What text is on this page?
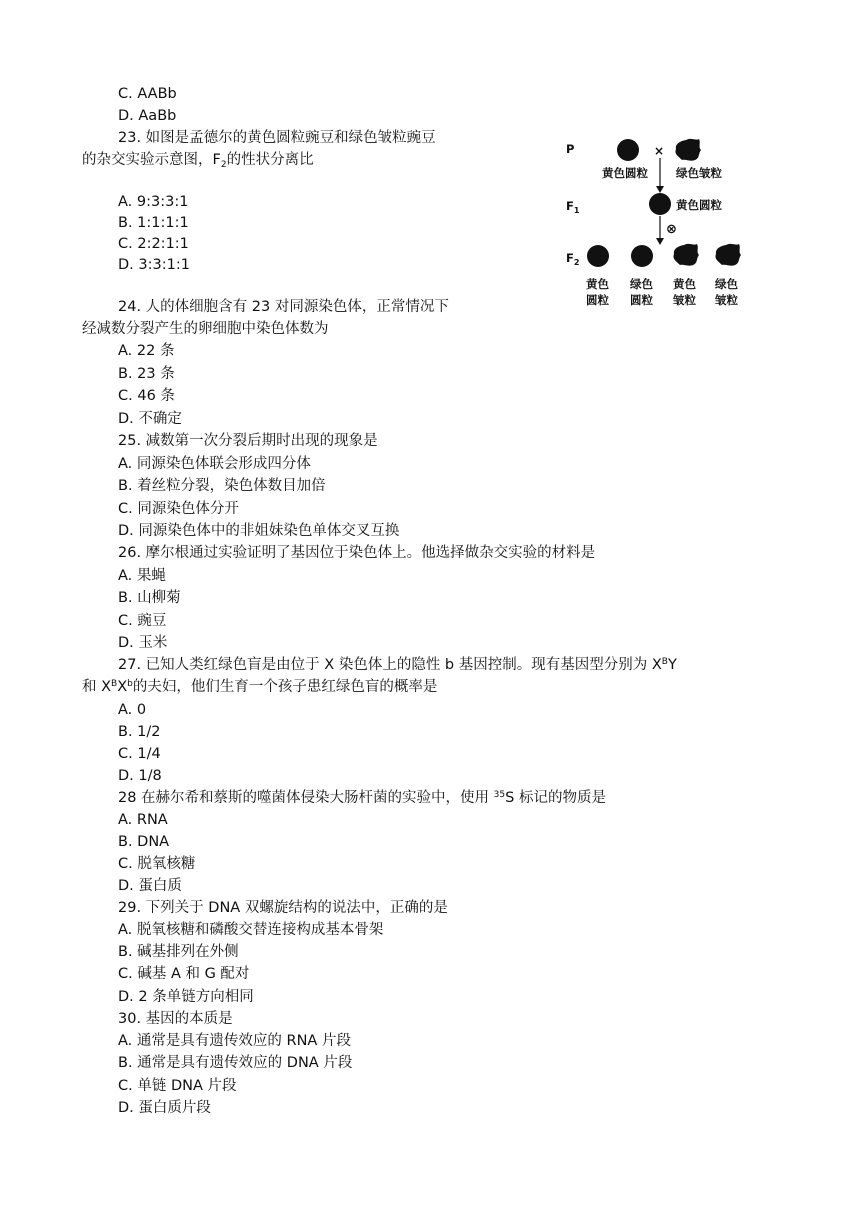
C. AABb
D. AaBb
23. 如图是孟德尔的黄色圆粒豌豆和绿色皱粒豌豆
的杂交实验示意图，$F_2$的性状分离比
A. 9:3:3:1
B. 1:1:1:1
C. 2:2:1:1
D. 3:3:1:1
P	×
黄色圆粒 绿色皱粒
$F_1$	黄色圆粒
⊗
$F_2$
黄色
圆粒
绿色
圆粒
黄色
皱粒
绿色
皱粒
24. 人的体细胞含有 23 对同源染色体，正常情况下
经减数分裂产生的卵细胞中染色体数为
A. 22 条
B. 23 条
C. 46 条
D. 不确定
25. 减数第一次分裂后期时出现的现象是
A. 同源染色体联会形成四分体
B. 着丝粒分裂，染色体数目加倍
C. 同源染色体分开
D. 同源染色体中的非姐妹染色单体交叉互换
26. 摩尔根通过实验证明了基因位于染色体上。他选择做杂交实验的材料是
A. 果蝇
B. 山柳菊
C. 豌豆
D. 玉米
27. 已知人类红绿色盲是由位于 X 染色体上的隐性 b 基因控制。现有基因型分别为 $X^BY$
和 $X^BX^b$的夫妇，他们生育一个孩子患红绿色盲的概率是
A. 0
B. 1/2
C. 1/4
D. 1/8
28 在赫尔希和蔡斯的噬菌体侵染大肠杆菌的实验中，使用 $^{35}$S 标记的物质是
A. RNA
B. DNA
C. 脱氧核糖
D. 蛋白质
29. 下列关于 DNA 双螺旋结构的说法中，正确的是
A. 脱氧核糖和磷酸交替连接构成基本骨架
B. 碱基排列在外侧
C. 碱基 A 和 G 配对
D. 2 条单链方向相同
30. 基因的本质是
A. 通常是具有遗传效应的 RNA 片段
B. 通常是具有遗传效应的 DNA 片段
C. 单链 DNA 片段
D. 蛋白质片段
